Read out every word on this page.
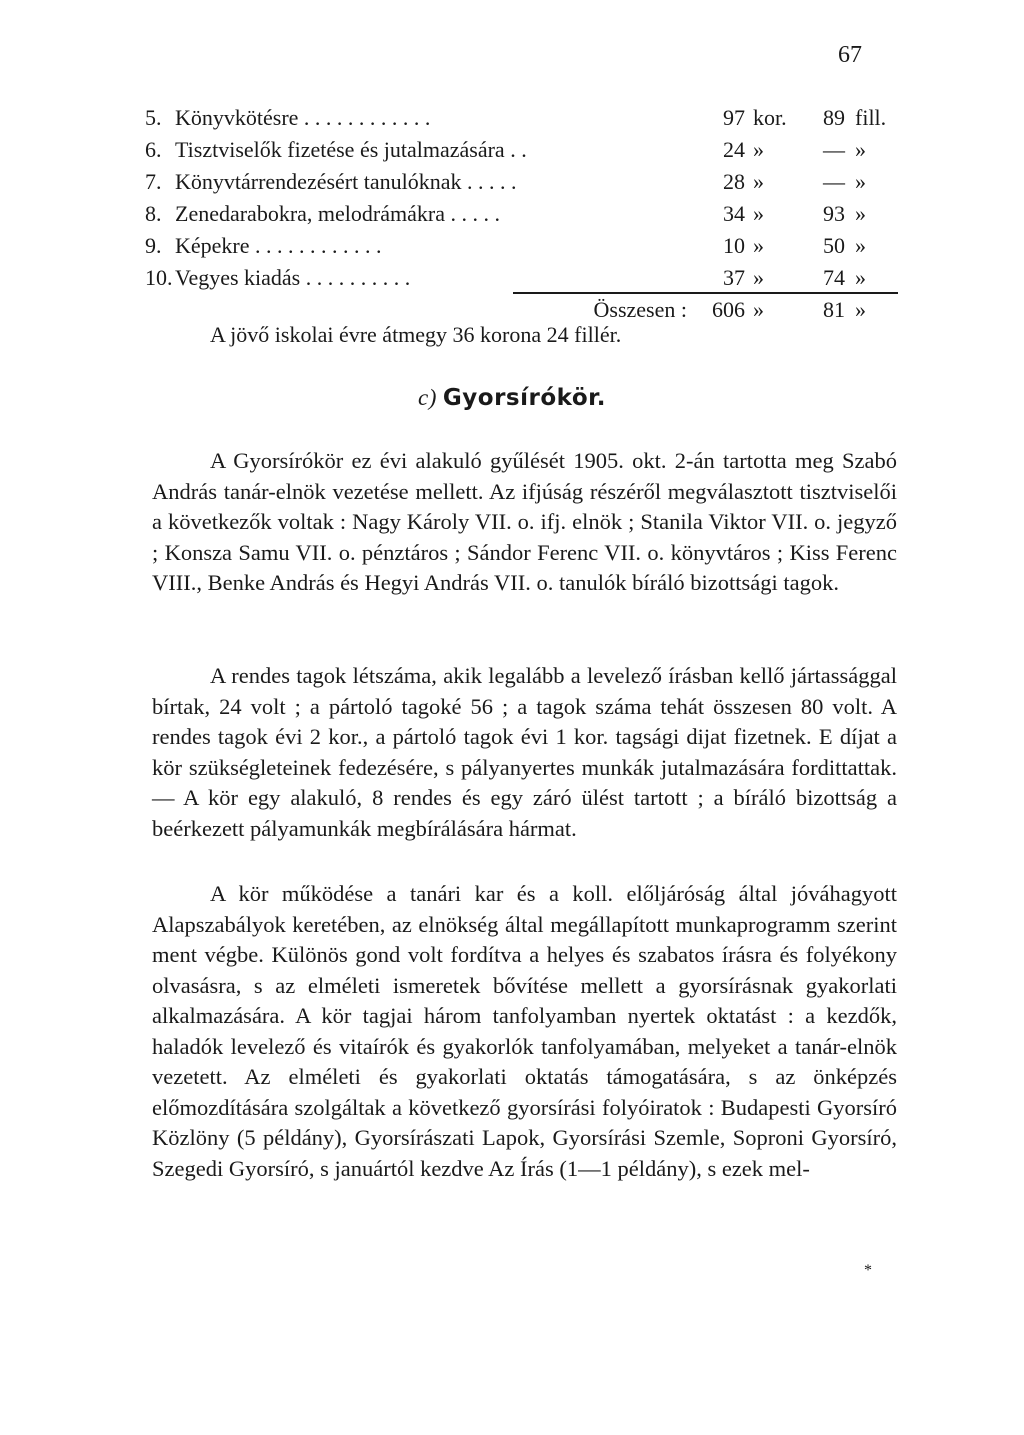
67
5. Könyvkötésre . . . . . . . . . . . .	97 kor.	89 fill.
6. Tisztviselők fizetése és jutalmazására . .	24 »	— »
7. Könyvtárrendezésért tanulóknak . . . . .	28 »	— »
8. Zenedarabokra, melodrámákra . . . . .	34 »	93 »
9. Képekre . . . . . . . . . . . .	10 »	50 »
10. Vegyes kiadás . . . . . . . . . .	37 »	74 »
Összesen :	606 »	81 »
A jövő iskolai évre átmegy 36 korona 24 fillér.
c) Gyorsírókör.

A Gyorsírókör ez évi alakuló gyűlését 1905. okt. 2-án tartotta meg Szabó András tanár-elnök vezetése mellett. Az ifjúság részéről megválasztott tisztviselői a következők voltak : Nagy Károly VII. o. ifj. elnök ; Stanila Viktor VII. o. jegyző ; Konsza Samu VII. o. pénztáros ; Sándor Ferenc VII. o. könyvtáros ; Kiss Ferenc VIII., Benke András és Hegyi András VII. o. tanulók bíráló bizottsági tagok.

A rendes tagok létszáma, akik legalább a levelező írásban kellő jártassággal bírtak, 24 volt ; a pártoló tagoké 56 ; a tagok száma tehát összesen 80 volt. A rendes tagok évi 2 kor., a pártoló tagok évi 1 kor. tagsági dijat fizetnek. E díjat a kör szükségleteinek fedezésére, s pályanyertes munkák jutalmazására fordittattak. — A kör egy alakuló, 8 rendes és egy záró ülést tartott ; a bíráló bizottság a beérkezett pályamunkák megbírálására hármat.

A kör működése a tanári kar és a koll. előljáróság által jóváhagyott Alapszabályok keretében, az elnökség által megállapított munkaprogramm szerint ment végbe. Különös gond volt fordítva a helyes és szabatos írásra és folyékony olvasásra, s az elméleti ismeretek bővítése mellett a gyorsírásnak gyakorlati alkalmazására. A kör tagjai három tanfolyamban nyertek oktatást : a kezdők, haladók levelező és vitaírók és gyakorlók tanfolyamában, melyeket a tanár-elnök vezetett. Az elméleti és gyakorlati oktatás támogatására, s az önképzés előmozdítására szolgáltak a következő gyorsírási folyóiratok : Budapesti Gyorsíró Közlöny (5 példány), Gyorsírászati Lapok, Gyorsírási Szemle, Soproni Gyorsíró, Szegedi Gyorsíró, s januártól kezdve Az Írás (1—1 példány), s ezek mel-

*
